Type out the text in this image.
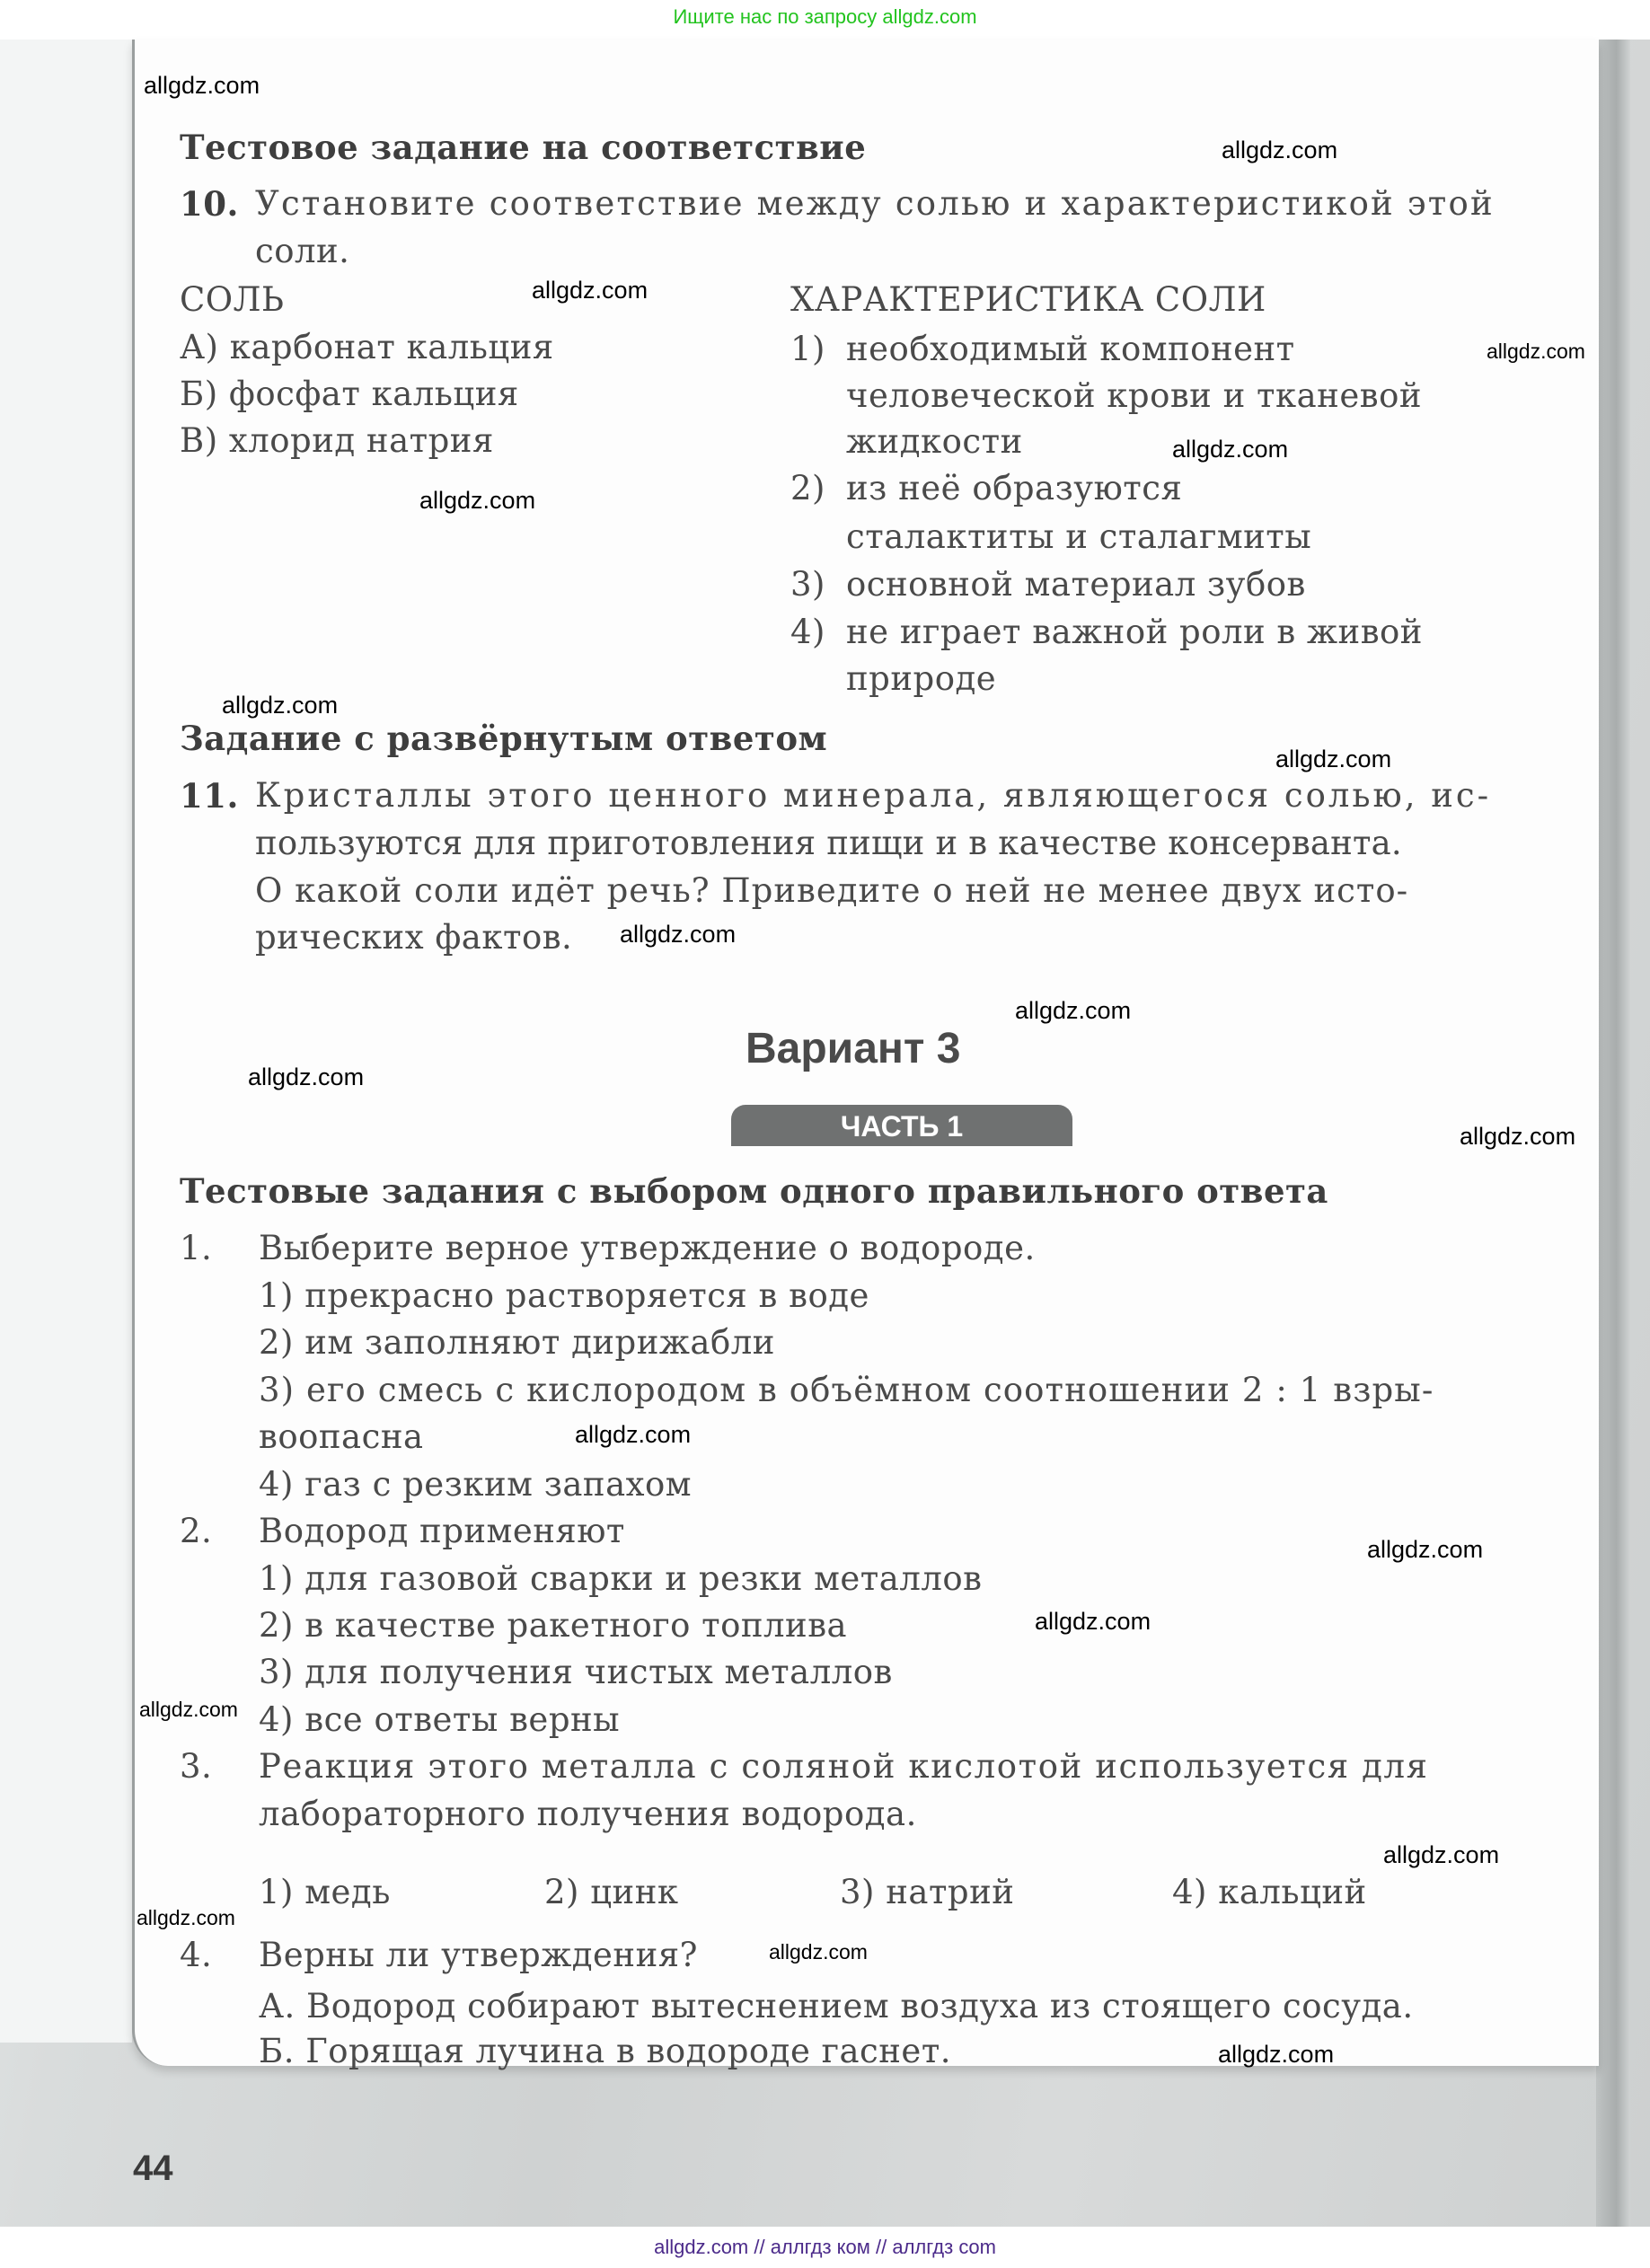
Ищите нас по запросу allgdz.com
Тестовое задание на соответствие
10. Установите соответствие между солью и характеристикой этой
соли.
СОЛЬ	ХАРАКТЕРИСТИКА СОЛИ
А) карбонат кальция
Б) фосфат кальция
В) хлорид натрия
1) необходимый компонент
человеческой крови и тканевой
жидкости
2) из неё образуются
сталактиты и сталагмиты
3) основной материал зубов
4) не играет важной роли в живой
природе
Задание с развёрнутым ответом
11. Кристаллы этого ценного минерала, являющегося солью, ис-
пользуются для приготовления пищи и в качестве консерванта.
О какой соли идёт речь? Приведите о ней не менее двух исто-
рических фактов.
Вариант 3
ЧАСТЬ 1
Тестовые задания с выбором одного правильного ответа
1. Выберите верное утверждение о водороде.
1) прекрасно растворяется в воде
2) им заполняют дирижабли
3) его смесь с кислородом в объёмном соотношении 2 : 1 взры-
воопасна
4) газ с резким запахом
2. Водород применяют
1) для газовой сварки и резки металлов
2) в качестве ракетного топлива
3) для получения чистых металлов
4) все ответы верны
3. Реакция этого металла с соляной кислотой используется для
лабораторного получения водорода.
1) медь	2) цинк	3) натрий	4) кальций
4. Верны ли утверждения?
А. Водород собирают вытеснением воздуха из стоящего сосуда.
Б. Горящая лучина в водороде гаснет.
44
allgdz.com
allgdz.com
allgdz.com
allgdz.com
allgdz.com
allgdz.com
allgdz.com
allgdz.com
allgdz.com
allgdz.com
allgdz.com
allgdz.com
allgdz.com
allgdz.com
allgdz.com
allgdz.com
allgdz.com
allgdz.com
allgdz.com
allgdz.com
allgdz.com // аллгдз ком // аллгдз com
